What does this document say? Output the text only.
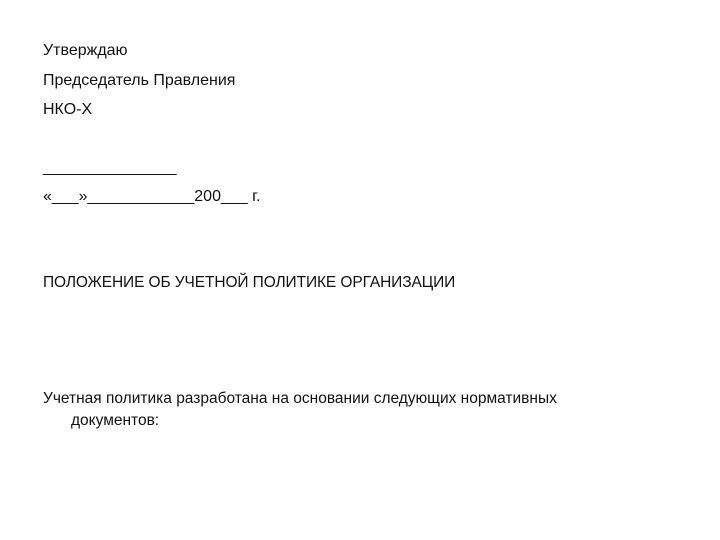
Утверждаю
Председатель Правления
НКО-Х
_______________
«___»____________200___ г.
ПОЛОЖЕНИЕ ОБ УЧЕТНОЙ ПОЛИТИКЕ ОРГАНИЗАЦИИ
Учетная политика разработана на основании следующих нормативных
документов:
